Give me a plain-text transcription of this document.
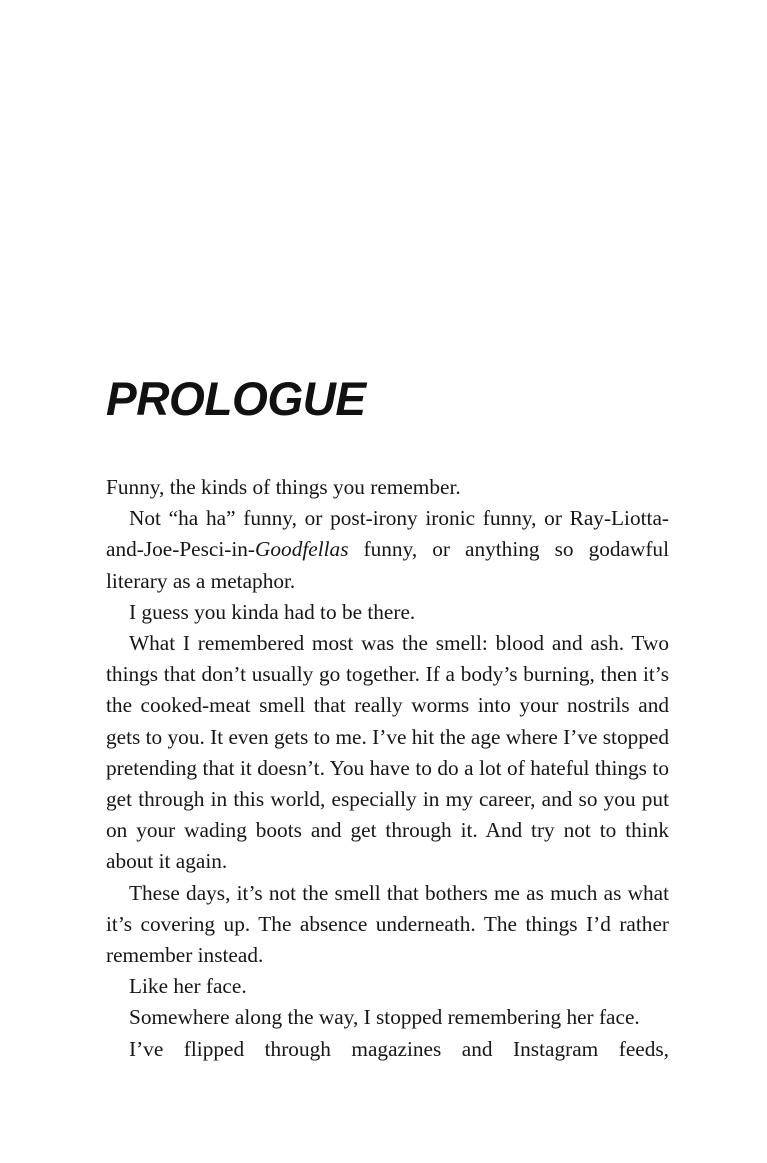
PROLOGUE

Funny, the kinds of things you remember.

Not “ha ha” funny, or post-irony ironic funny, or Ray-Liotta-and-Joe-Pesci-in-Goodfellas funny, or anything so godawful literary as a metaphor.

I guess you kinda had to be there.

What I remembered most was the smell: blood and ash. Two things that don’t usually go together. If a body’s burning, then it’s the cooked-meat smell that really worms into your nostrils and gets to you. It even gets to me. I’ve hit the age where I’ve stopped pretending that it doesn’t. You have to do a lot of hateful things to get through in this world, especially in my career, and so you put on your wading boots and get through it. And try not to think about it again.

These days, it’s not the smell that bothers me as much as what it’s covering up. The absence underneath. The things I’d rather remember instead.

Like her face.

Somewhere along the way, I stopped remembering her face.

I’ve flipped through magazines and Instagram feeds,
